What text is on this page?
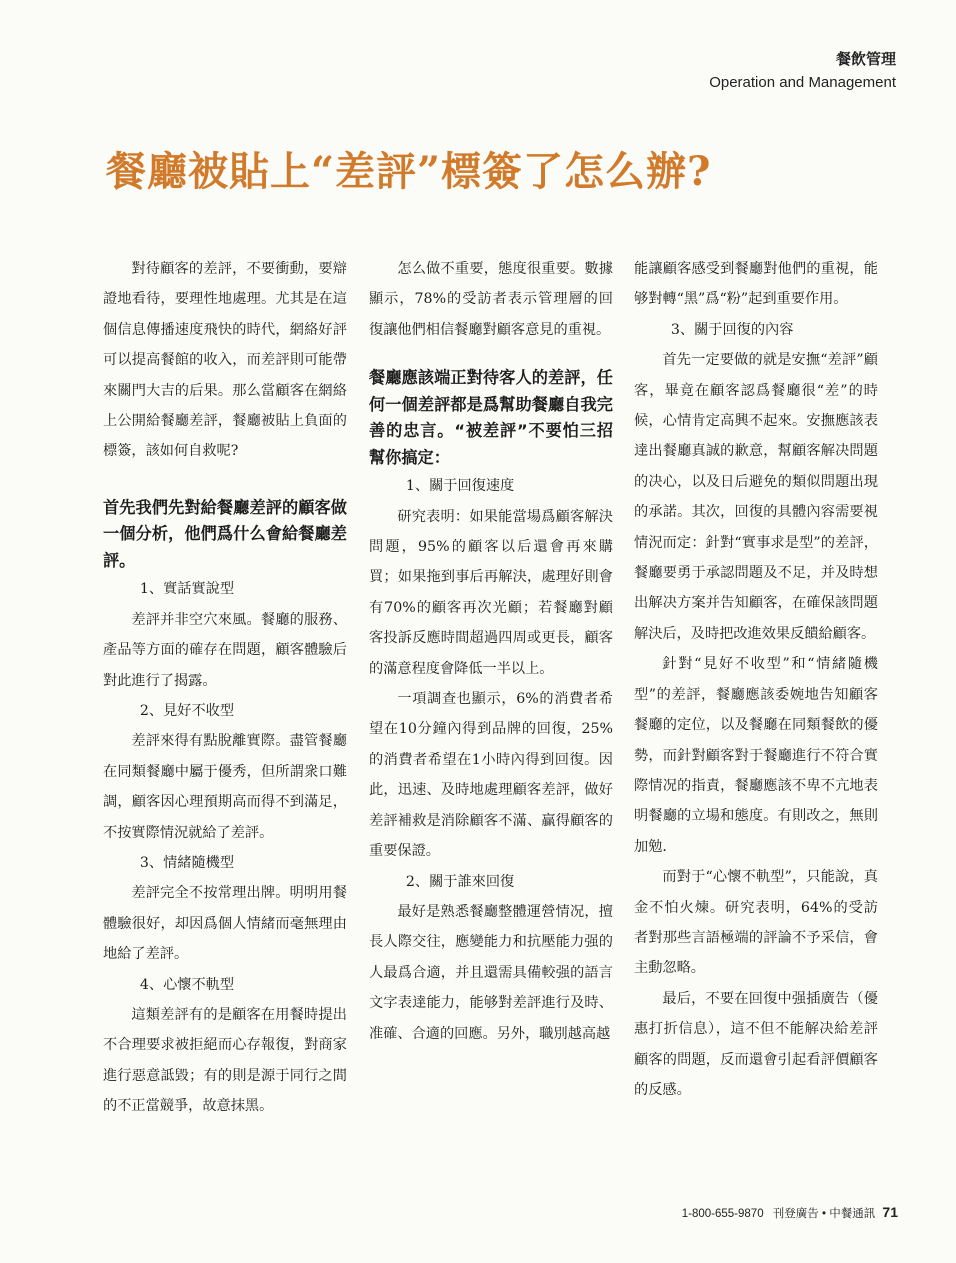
餐飲管理
Operation and Management
餐廳被貼上“差評”標簽了怎么辦?

對待顧客的差評，不要衝動，要辯證地看待，要理性地處理。尤其是在這個信息傳播速度飛快的時代，網絡好評可以提高餐館的收入，而差評則可能帶來關門大吉的后果。那么當顧客在網絡上公開給餐廳差評，餐廳被貼上負面的標簽，該如何自救呢?

首先我們先對給餐廳差評的顧客做一個分析，他們爲什么會給餐廳差評。

1、實話實說型

差評并非空穴來風。餐廳的服務、產品等方面的確存在問題，顧客體驗后對此進行了揭露。

2、見好不收型

差評來得有點脫離實際。盡管餐廳在同類餐廳中屬于優秀，但所謂衆口難調，顧客因心理預期高而得不到滿足，不按實際情況就給了差評。

3、情緒隨機型

差評完全不按常理出牌。明明用餐體驗很好，却因爲個人情緒而毫無理由地給了差評。

4、心懷不軌型

這類差評有的是顧客在用餐時提出不合理要求被拒絕而心存報復，對商家進行惡意詆毀；有的則是源于同行之間的不正當競爭，故意抹黑。

怎么做不重要，態度很重要。數據顯示，78%的受訪者表示管理層的回復讓他們相信餐廳對顧客意見的重視。

餐廳應該端正對待客人的差評，任何一個差評都是爲幫助餐廳自我完善的忠言。“被差評”不要怕三招幫你搞定：

1、關于回復速度

研究表明：如果能當場爲顧客解決問題，95%的顧客以后還會再來購買；如果拖到事后再解決，處理好則會有70%的顧客再次光顧；若餐廳對顧客投訴反應時間超過四周或更長，顧客的滿意程度會降低一半以上。

一項調查也顯示，6%的消費者希望在10分鐘內得到品牌的回復，25%的消費者希望在1小時內得到回復。因此，迅速、及時地處理顧客差評，做好差評補救是消除顧客不滿、贏得顧客的重要保證。

2、關于誰來回復

最好是熟悉餐廳整體運營情况，擅長人際交往，應變能力和抗壓能力强的人最爲合適，并且還需具備較强的語言文字表達能力，能够對差評進行及時、准確、合適的回應。另外，職別越高越

能讓顧客感受到餐廳對他們的重視，能够對轉“黑”爲“粉”起到重要作用。

3、關于回復的內容

首先一定要做的就是安撫“差評”顧客，畢竟在顧客認爲餐廳很“差”的時候，心情肯定高興不起來。安撫應該表達出餐廳真誠的歉意，幫顧客解决問題的决心，以及日后避免的類似問題出現的承諾。其次，回復的具體內容需要視情況而定：針對“實事求是型”的差評，餐廳要勇于承認問題及不足，并及時想出解决方案并告知顧客，在確保該問題解決后，及時把改進效果反饋給顧客。

針對“見好不收型”和“情緒隨機型”的差評，餐廳應該委婉地告知顧客餐廳的定位，以及餐廳在同類餐飲的優勢，而針對顧客對于餐廳進行不符合實際情况的指責，餐廳應該不卑不亢地表明餐廳的立場和態度。有則改之，無則加勉．

而對于“心懷不軌型”，只能說，真金不怕火煉。研究表明，64%的受訪者對那些言語極端的評論不予采信，會主動忽略。

最后，不要在回復中强插廣告（優惠打折信息），這不但不能解决給差評顧客的問題，反而還會引起看評價顧客的反感。

1-800-655-9870 刊登廣告 • 中餐通訊 71
